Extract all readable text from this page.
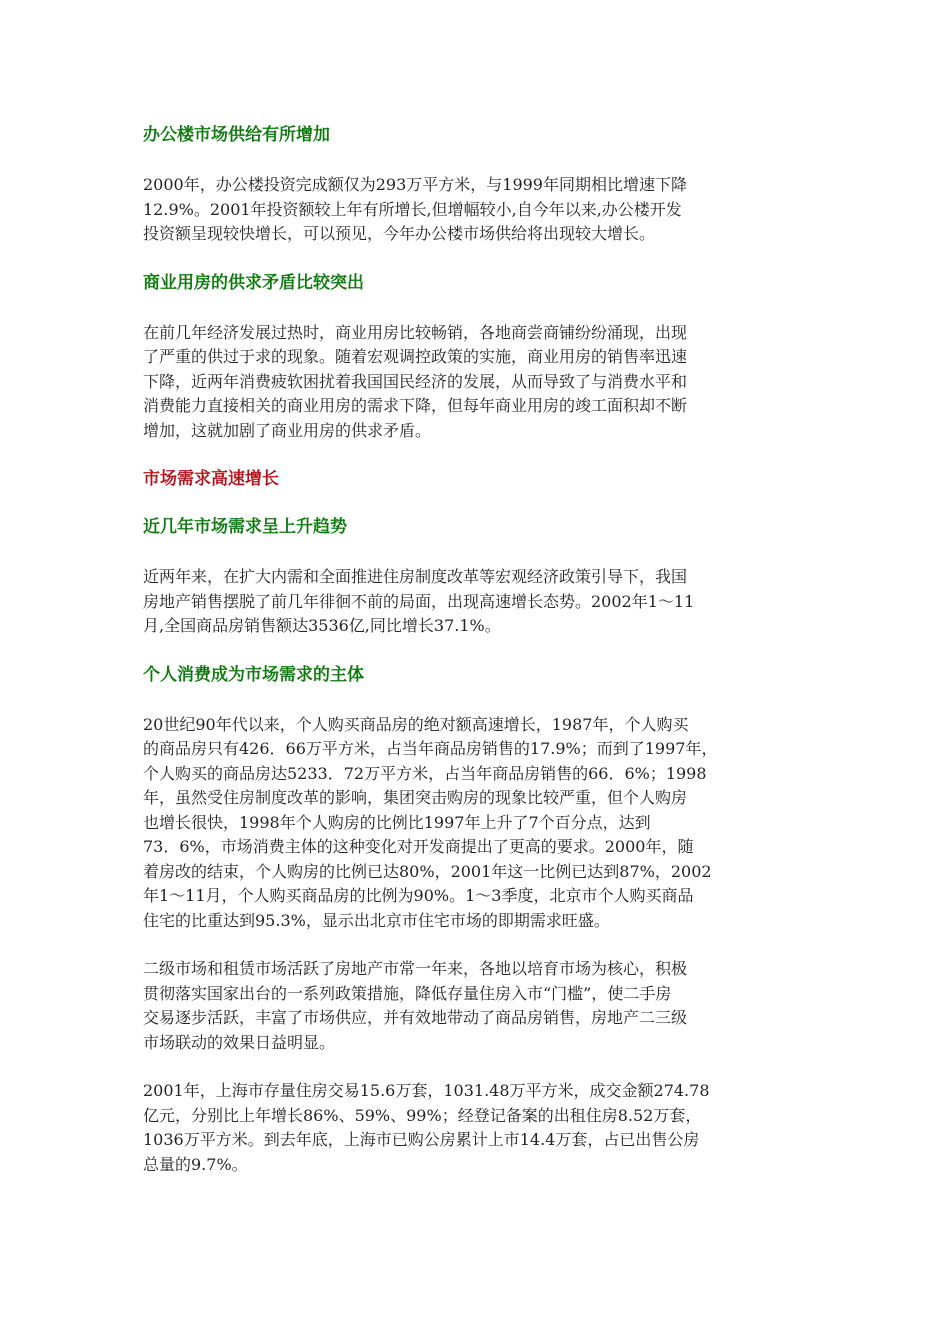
办公楼市场供给有所增加

2000年，办公楼投资完成额仅为293万平方米，与1999年同期相比增速下降
12.9%。2001年投资额较上年有所增长,但增幅较小,自今年以来,办公楼开发
投资额呈现较快增长，可以预见，今年办公楼市场供给将出现较大增长。

商业用房的供求矛盾比较突出

在前几年经济发展过热时，商业用房比较畅销，各地商尝商铺纷纷涌现，出现
了严重的供过于求的现象。随着宏观调控政策的实施，商业用房的销售率迅速
下降，近两年消费疲软困扰着我国国民经济的发展，从而导致了与消费水平和
消费能力直接相关的商业用房的需求下降，但每年商业用房的竣工面积却不断
增加，这就加剧了商业用房的供求矛盾。

市场需求高速增长
近几年市场需求呈上升趋势

近两年来，在扩大内需和全面推进住房制度改革等宏观经济政策引导下，我国
房地产销售摆脱了前几年徘徊不前的局面，出现高速增长态势。2002年1～11
月,全国商品房销售额达3536亿,同比增长37.1%。

个人消费成为市场需求的主体

20世纪90年代以来，个人购买商品房的绝对额高速增长，1987年，个人购买
的商品房只有426．66万平方米，占当年商品房销售的17.9%；而到了1997年，
个人购买的商品房达5233．72万平方米，占当年商品房销售的66．6%；1998
年，虽然受住房制度改革的影响，集团突击购房的现象比较严重，但个人购房
也增长很快，1998年个人购房的比例比1997年上升了7个百分点，达到
73．6%，市场消费主体的这种变化对开发商提出了更高的要求。2000年，随
着房改的结束，个人购房的比例已达80%，2001年这一比例已达到87%，2002
年1～11月，个人购买商品房的比例为90%。1～3季度，北京市个人购买商品
住宅的比重达到95.3%，显示出北京市住宅市场的即期需求旺盛。

二级市场和租赁市场活跃了房地产市常一年来，各地以培育市场为核心，积极
贯彻落实国家出台的一系列政策措施，降低存量住房入市“门槛”，使二手房
交易逐步活跃，丰富了市场供应，并有效地带动了商品房销售，房地产二三级
市场联动的效果日益明显。

2001年，上海市存量住房交易15.6万套，1031.48万平方米，成交金额274.78
亿元，分别比上年增长86%、59%、99%；经登记备案的出租住房8.52万套，
1036万平方米。到去年底，上海市已购公房累计上市14.4万套，占已出售公房
总量的9.7%。
